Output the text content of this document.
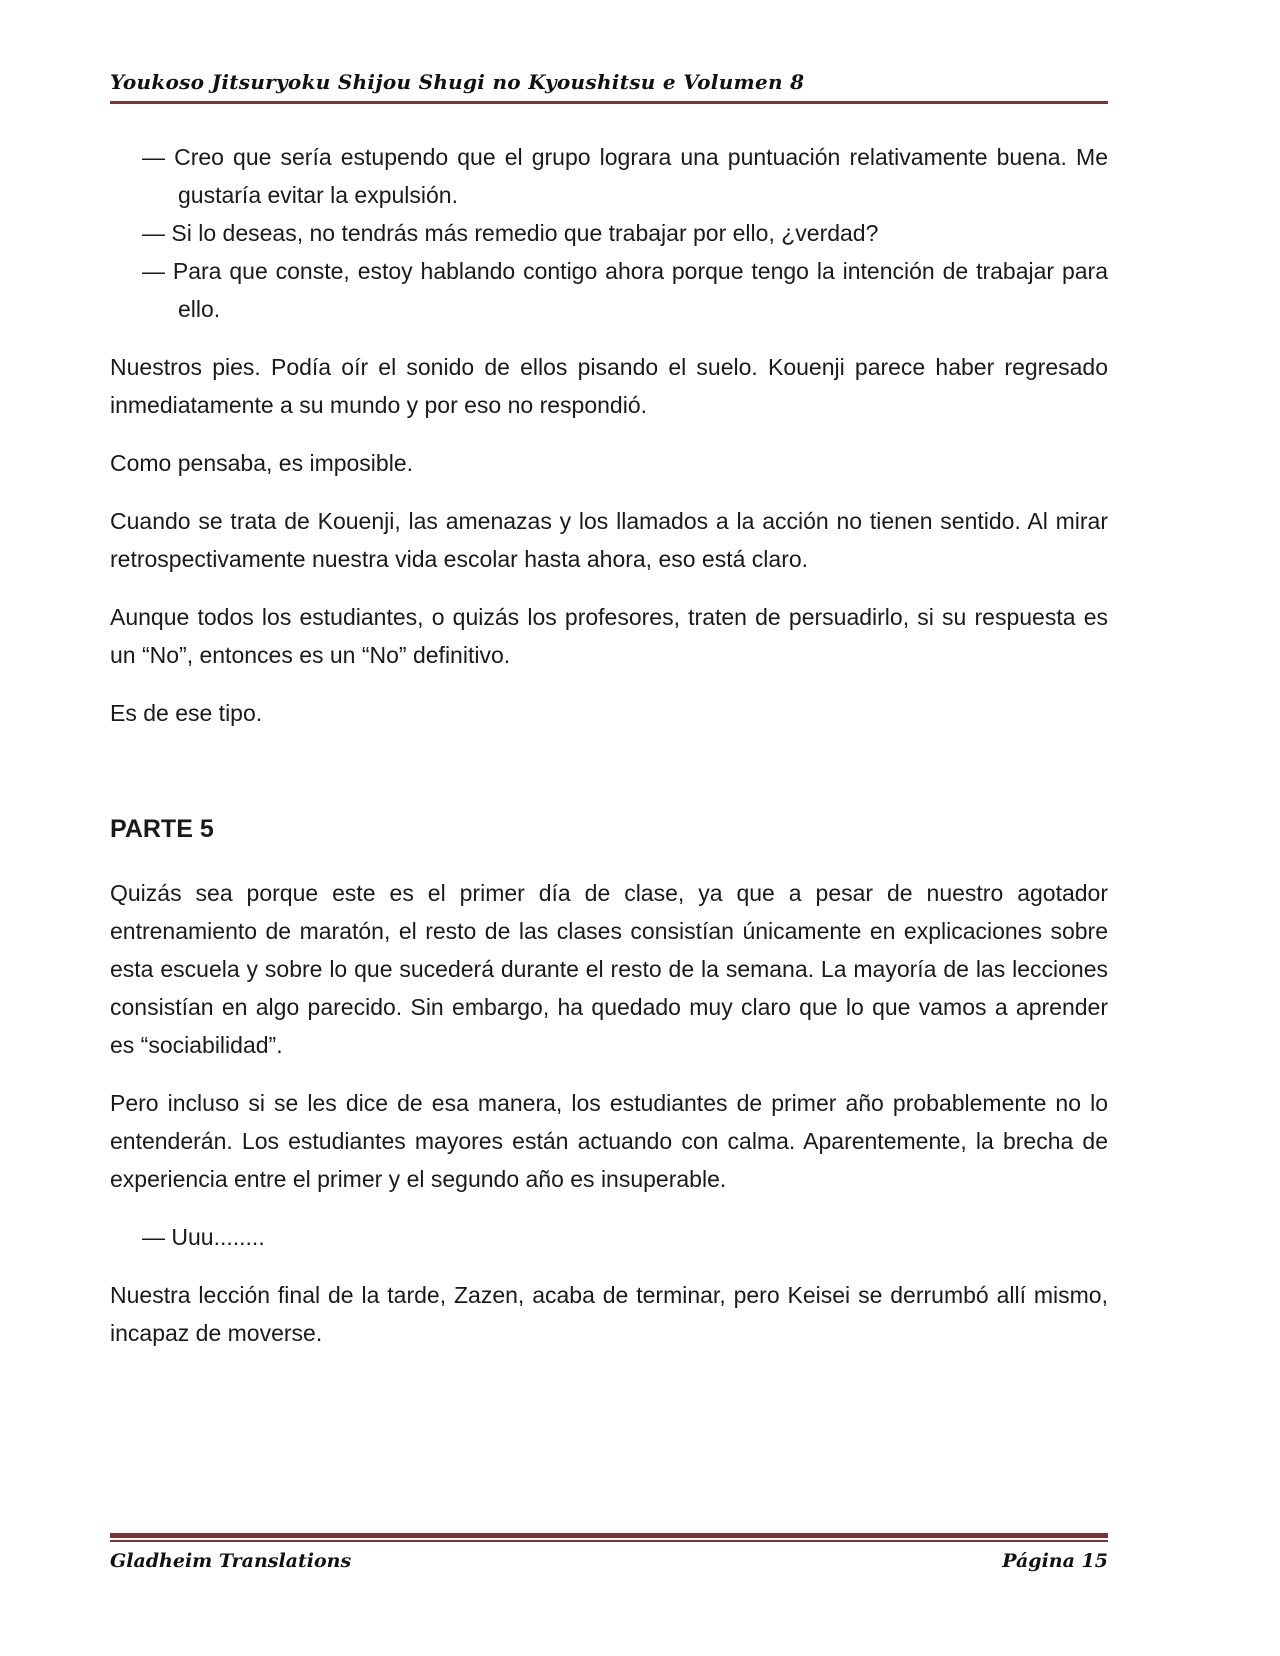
Youkoso Jitsuryoku Shijou Shugi no Kyoushitsu e Volumen 8

— Creo que sería estupendo que el grupo lograra una puntuación relativamente buena. Me gustaría evitar la expulsión.

— Si lo deseas, no tendrás más remedio que trabajar por ello, ¿verdad?

— Para que conste, estoy hablando contigo ahora porque tengo la intención de trabajar para ello.

Nuestros pies. Podía oír el sonido de ellos pisando el suelo. Kouenji parece haber regresado inmediatamente a su mundo y por eso no respondió.

Como pensaba, es imposible.

Cuando se trata de Kouenji, las amenazas y los llamados a la acción no tienen sentido. Al mirar retrospectivamente nuestra vida escolar hasta ahora, eso está claro.

Aunque todos los estudiantes, o quizás los profesores, traten de persuadirlo, si su respuesta es un “No”, entonces es un “No” definitivo.

Es de ese tipo.

PARTE 5

Quizás sea porque este es el primer día de clase, ya que a pesar de nuestro agotador entrenamiento de maratón, el resto de las clases consistían únicamente en explicaciones sobre esta escuela y sobre lo que sucederá durante el resto de la semana. La mayoría de las lecciones consistían en algo parecido. Sin embargo, ha quedado muy claro que lo que vamos a aprender es “sociabilidad”.

Pero incluso si se les dice de esa manera, los estudiantes de primer año probablemente no lo entenderán. Los estudiantes mayores están actuando con calma. Aparentemente, la brecha de experiencia entre el primer y el segundo año es insuperable.

— Uuu........

Nuestra lección final de la tarde, Zazen, acaba de terminar, pero Keisei se derrumbó allí mismo, incapaz de moverse.

Gladheim Translations	Página 15
